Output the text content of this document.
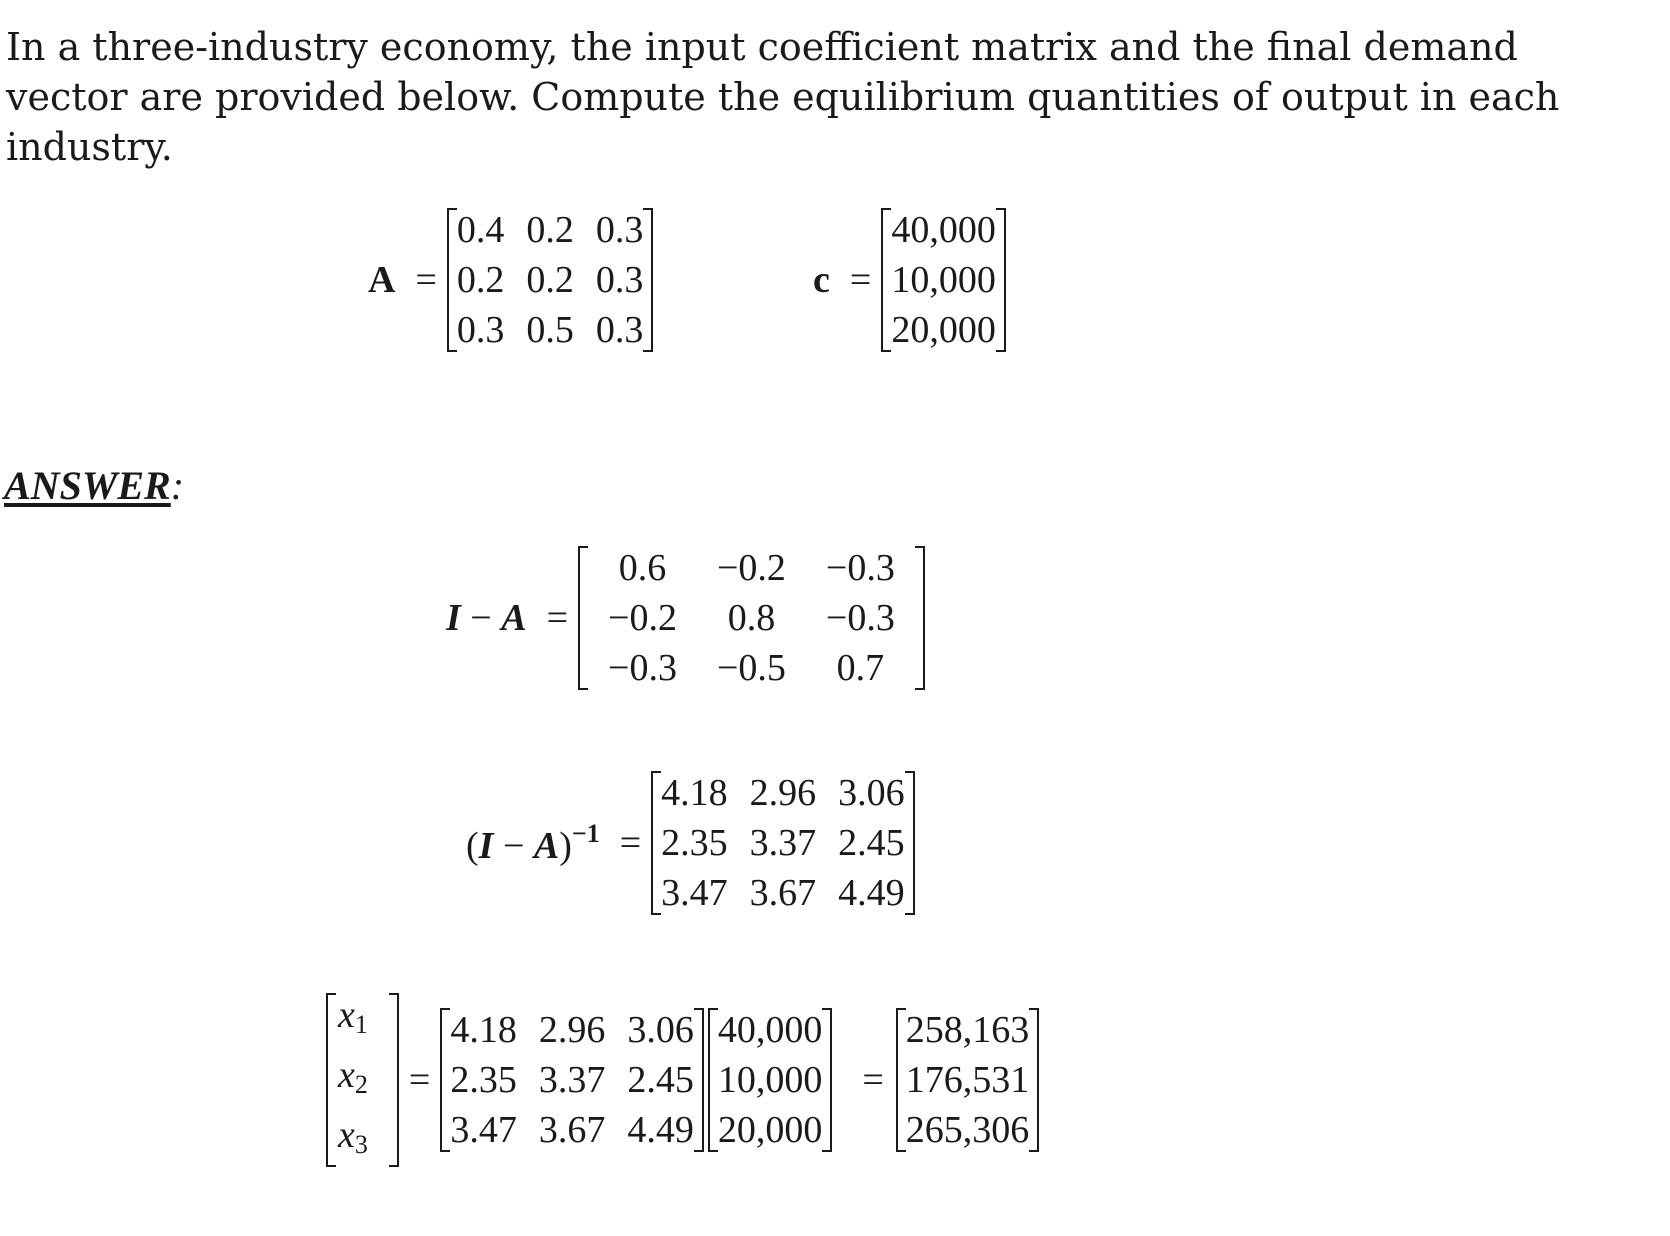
In a three-industry economy, the input coefficient matrix and the final demand vector are provided below. Compute the equilibrium quantities of output in each industry.

A =
0.4	0.2	0.3
0.2	0.2	0.3
0.3	0.5	0.3
c =
40,000
10,000
20,000
ANSWER:
I − A =
0.6	−0.2	−0.3
−0.2	0.8	−0.3
−0.3	−0.5	0.7
$(I - A)^{-1}$ =
4.18	2.96	3.06
2.35	3.37	2.45
3.47	3.67	4.49
$x_1$
$x_2$
$x_3$
=
4.18	2.96	3.06
2.35	3.37	2.45
3.47	3.67	4.49
40,000
10,000
20,000
=
258,163
176,531
265,306
